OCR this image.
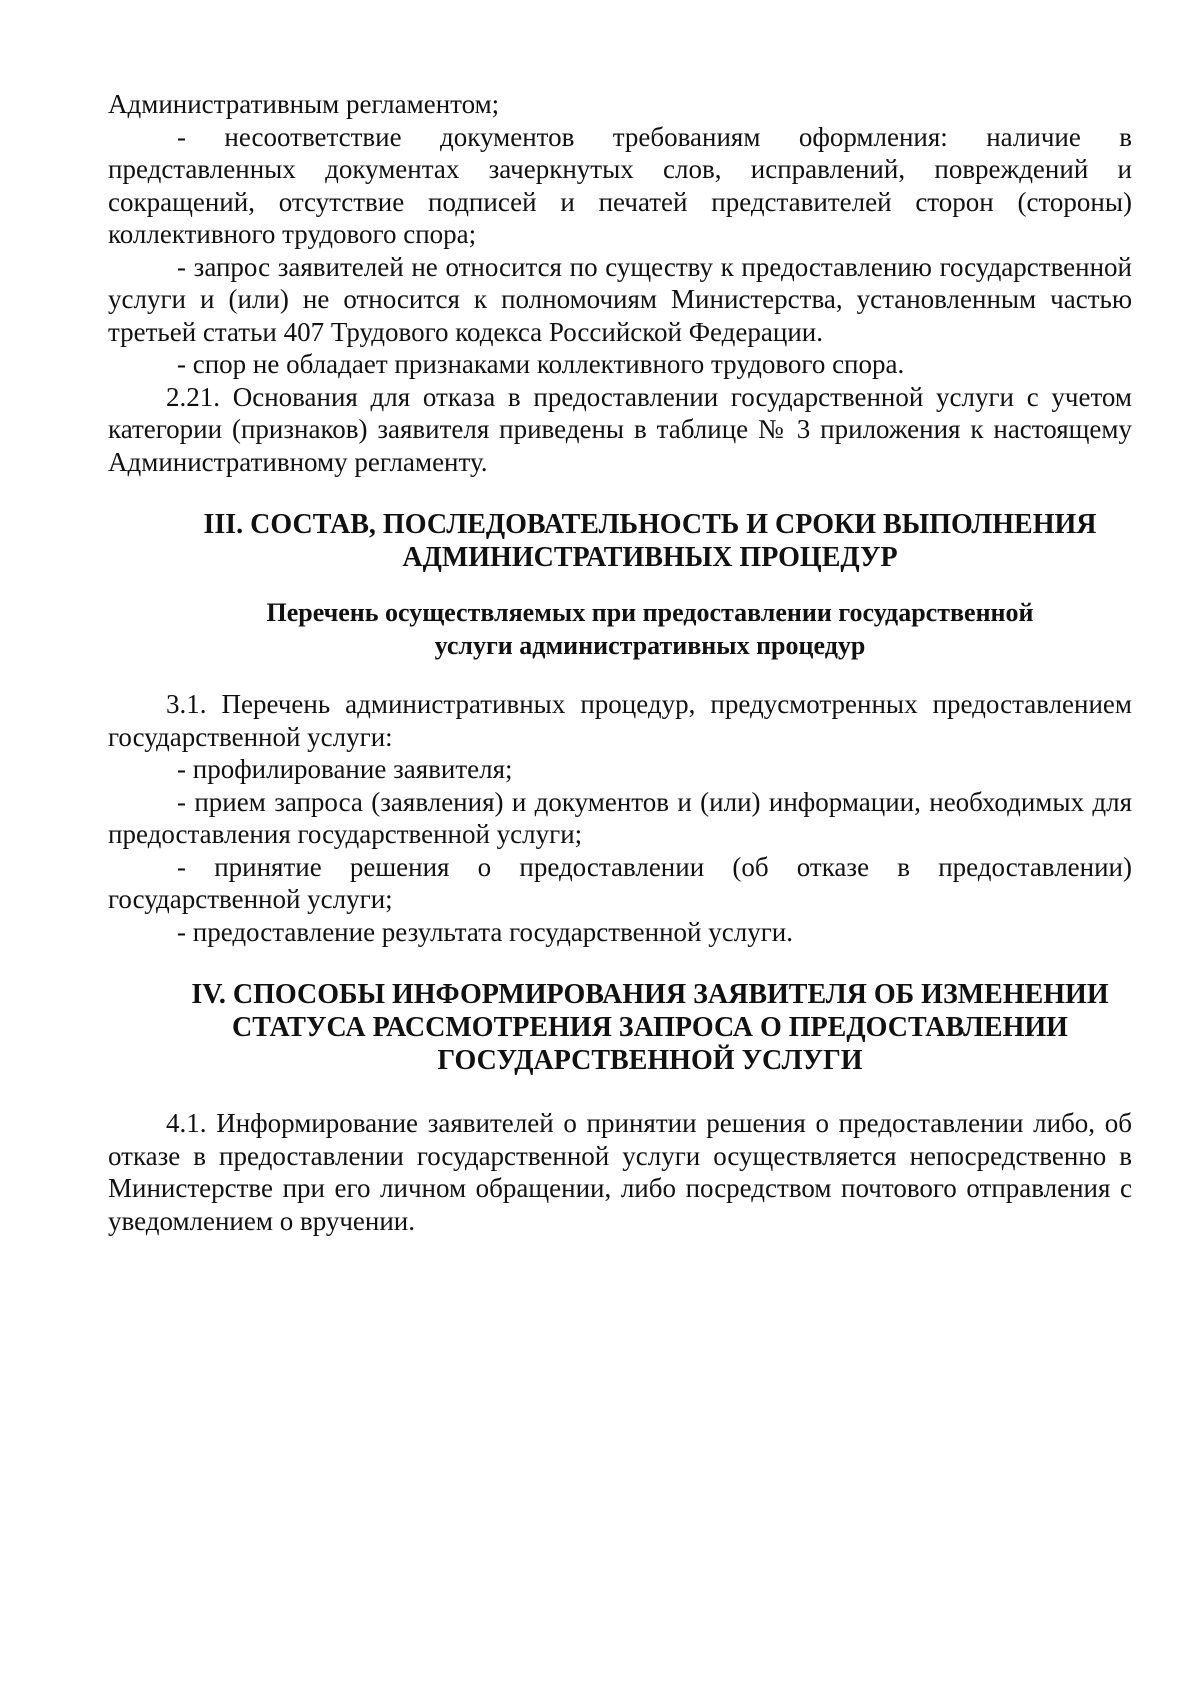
Административным регламентом;

- несоответствие документов требованиям оформления: наличие в представленных документах зачеркнутых слов, исправлений, повреждений и сокращений, отсутствие подписей и печатей представителей сторон (стороны) коллективного трудового спора;

- запрос заявителей не относится по существу к предоставлению государственной услуги и (или) не относится к полномочиям Министерства, установленным частью третьей статьи 407 Трудового кодекса Российской Федерации.

- спор не обладает признаками коллективного трудового спора.

2.21. Основания для отказа в предоставлении государственной услуги с учетом категории (признаков) заявителя приведены в таблице № 3 приложения к настоящему Административному регламенту.

III. СОСТАВ, ПОСЛЕДОВАТЕЛЬНОСТЬ И СРОКИ ВЫПОЛНЕНИЯ

АДМИНИСТРАТИВНЫХ ПРОЦЕДУР

Перечень осуществляемых при предоставлении государственной

услуги административных процедур

3.1. Перечень административных процедур, предусмотренных предоставлением государственной услуги:

- профилирование заявителя;

- прием запроса (заявления) и документов и (или) информации, необходимых для предоставления государственной услуги;

- принятие решения о предоставлении (об отказе в предоставлении) государственной услуги;

- предоставление результата государственной услуги.

IV. СПОСОБЫ ИНФОРМИРОВАНИЯ ЗАЯВИТЕЛЯ ОБ ИЗМЕНЕНИИ

СТАТУСА РАССМОТРЕНИЯ ЗАПРОСА О ПРЕДОСТАВЛЕНИИ

ГОСУДАРСТВЕННОЙ УСЛУГИ

4.1. Информирование заявителей о принятии решения о предоставлении либо, об отказе в предоставлении государственной услуги осуществляется непосредственно в Министерстве при его личном обращении, либо посредством почтового отправления с уведомлением о вручении.
